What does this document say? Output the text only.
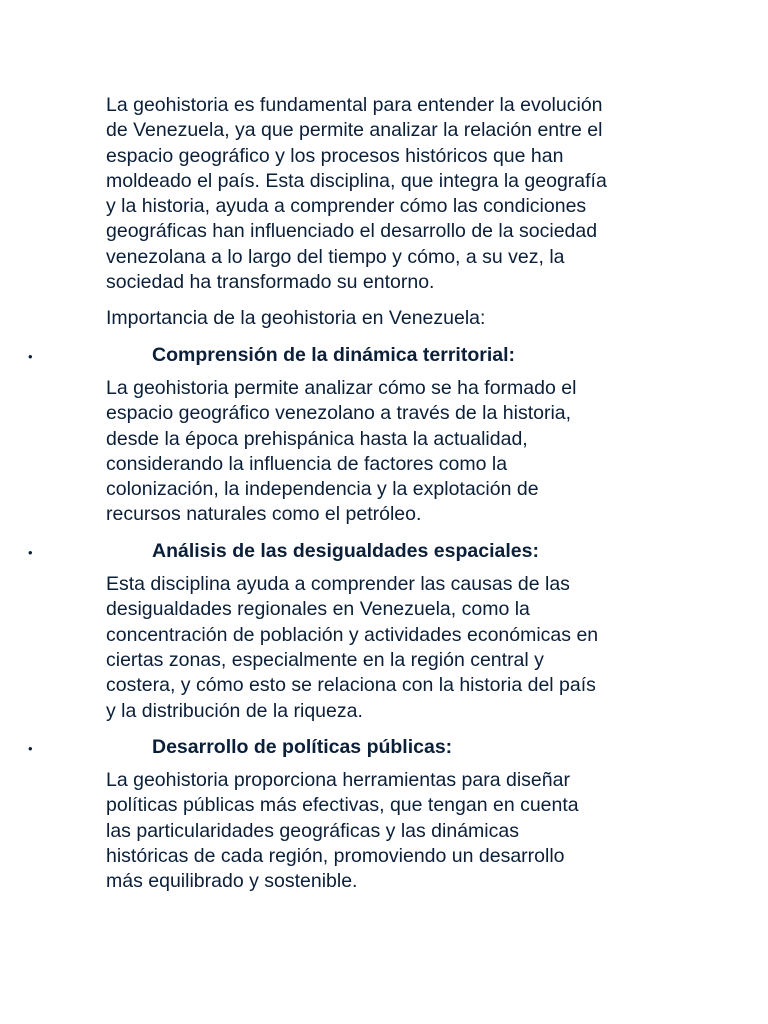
La geohistoria es fundamental para entender la evolución
de Venezuela, ya que permite analizar la relación entre el
espacio geográfico y los procesos históricos que han
moldeado el país. Esta disciplina, que integra la geografía
y la historia, ayuda a comprender cómo las condiciones
geográficas han influenciado el desarrollo de la sociedad
venezolana a lo largo del tiempo y cómo, a su vez, la
sociedad ha transformado su entorno.

Importancia de la geohistoria en Venezuela:

•	Comprensión de la dinámica territorial:

La geohistoria permite analizar cómo se ha formado el
espacio geográfico venezolano a través de la historia,
desde la época prehispánica hasta la actualidad,
considerando la influencia de factores como la
colonización, la independencia y la explotación de
recursos naturales como el petróleo.

•	Análisis de las desigualdades espaciales:

Esta disciplina ayuda a comprender las causas de las
desigualdades regionales en Venezuela, como la
concentración de población y actividades económicas en
ciertas zonas, especialmente en la región central y
costera, y cómo esto se relaciona con la historia del país
y la distribución de la riqueza.

•	Desarrollo de políticas públicas:

La geohistoria proporciona herramientas para diseñar
políticas públicas más efectivas, que tengan en cuenta
las particularidades geográficas y las dinámicas
históricas de cada región, promoviendo un desarrollo
más equilibrado y sostenible.
